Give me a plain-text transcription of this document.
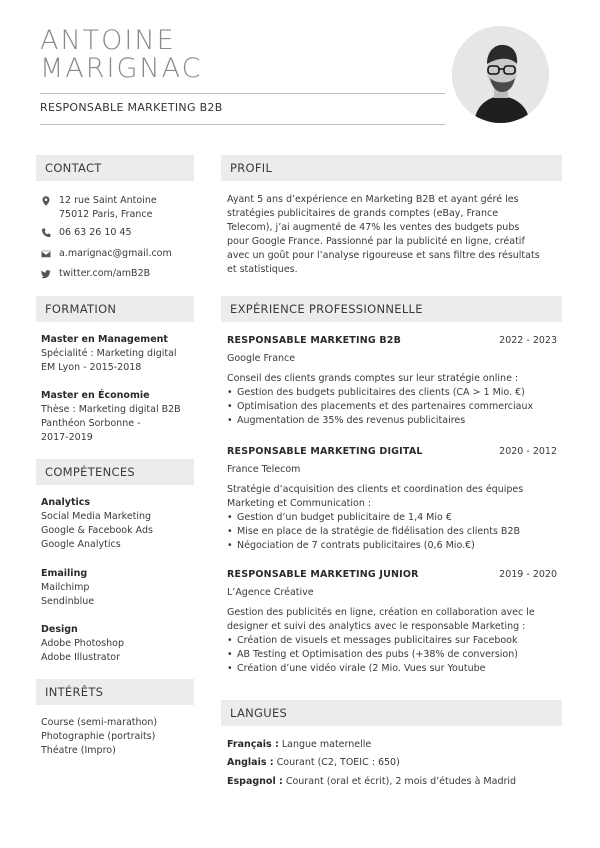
ANTOINE
MARIGNAC
RESPONSABLE MARKETING B2B
CONTACT
12 rue Saint Antoine
75012 Paris, France
06 63 26 10 45
a.marignac@gmail.com
twitter.com/amB2B
FORMATION
Master en Management
Spécialité : Marketing digital
EM Lyon - 2015-2018
Master en Économie
Thèse : Marketing digital B2B
Panthéon Sorbonne -
2017-2019
COMPÉTENCES
Analytics
Social Media Marketing
Google & Facebook Ads
Google Analytics
Emailing
Mailchimp
Sendinblue
Design
Adobe Photoshop
Adobe Illustrator
INTÉRÊTS
Course (semi-marathon)
Photographie (portraits)
Théatre (Impro)
PROFIL
Ayant 5 ans d’expérience en Marketing B2B et ayant géré les
stratégies publicitaires de grands comptes (eBay, France
Telecom), j’ai augmenté de 47% les ventes des budgets pubs
pour Google France. Passionné par la publicité en ligne, créatif
avec un goût pour l’analyse rigoureuse et sans filtre des résultats
et statistiques.
EXPÉRIENCE PROFESSIONNELLE
RESPONSABLE MARKETING B2B	2022 - 2023
Google France
Conseil des clients grands comptes sur leur stratégie online :
• Gestion des budgets publicitaires des clients (CA > 1 Mio. €)
• Optimisation des placements et des partenaires commerciaux
• Augmentation de 35% des revenus publicitaires
RESPONSABLE MARKETING DIGITAL	2020 - 2012
France Telecom
Stratégie d’acquisition des clients et coordination des équipes
Marketing et Communication :
• Gestion d’un budget publicitaire de 1,4 Mio €
• Mise en place de la stratégie de fidélisation des clients B2B
• Négociation de 7 contrats publicitaires (0,6 Mio.€)
RESPONSABLE MARKETING JUNIOR	2019 - 2020
L’Agence Créative
Gestion des publicités en ligne, création en collaboration avec le
designer et suivi des analytics avec le responsable Marketing :
• Création de visuels et messages publicitaires sur Facebook
• AB Testing et Optimisation des pubs (+38% de conversion)
• Création d’une vidéo virale (2 Mio. Vues sur Youtube
LANGUES
Français : Langue maternelle
Anglais : Courant (C2, TOEIC : 650)
Espagnol : Courant (oral et écrit), 2 mois d’études à Madrid
